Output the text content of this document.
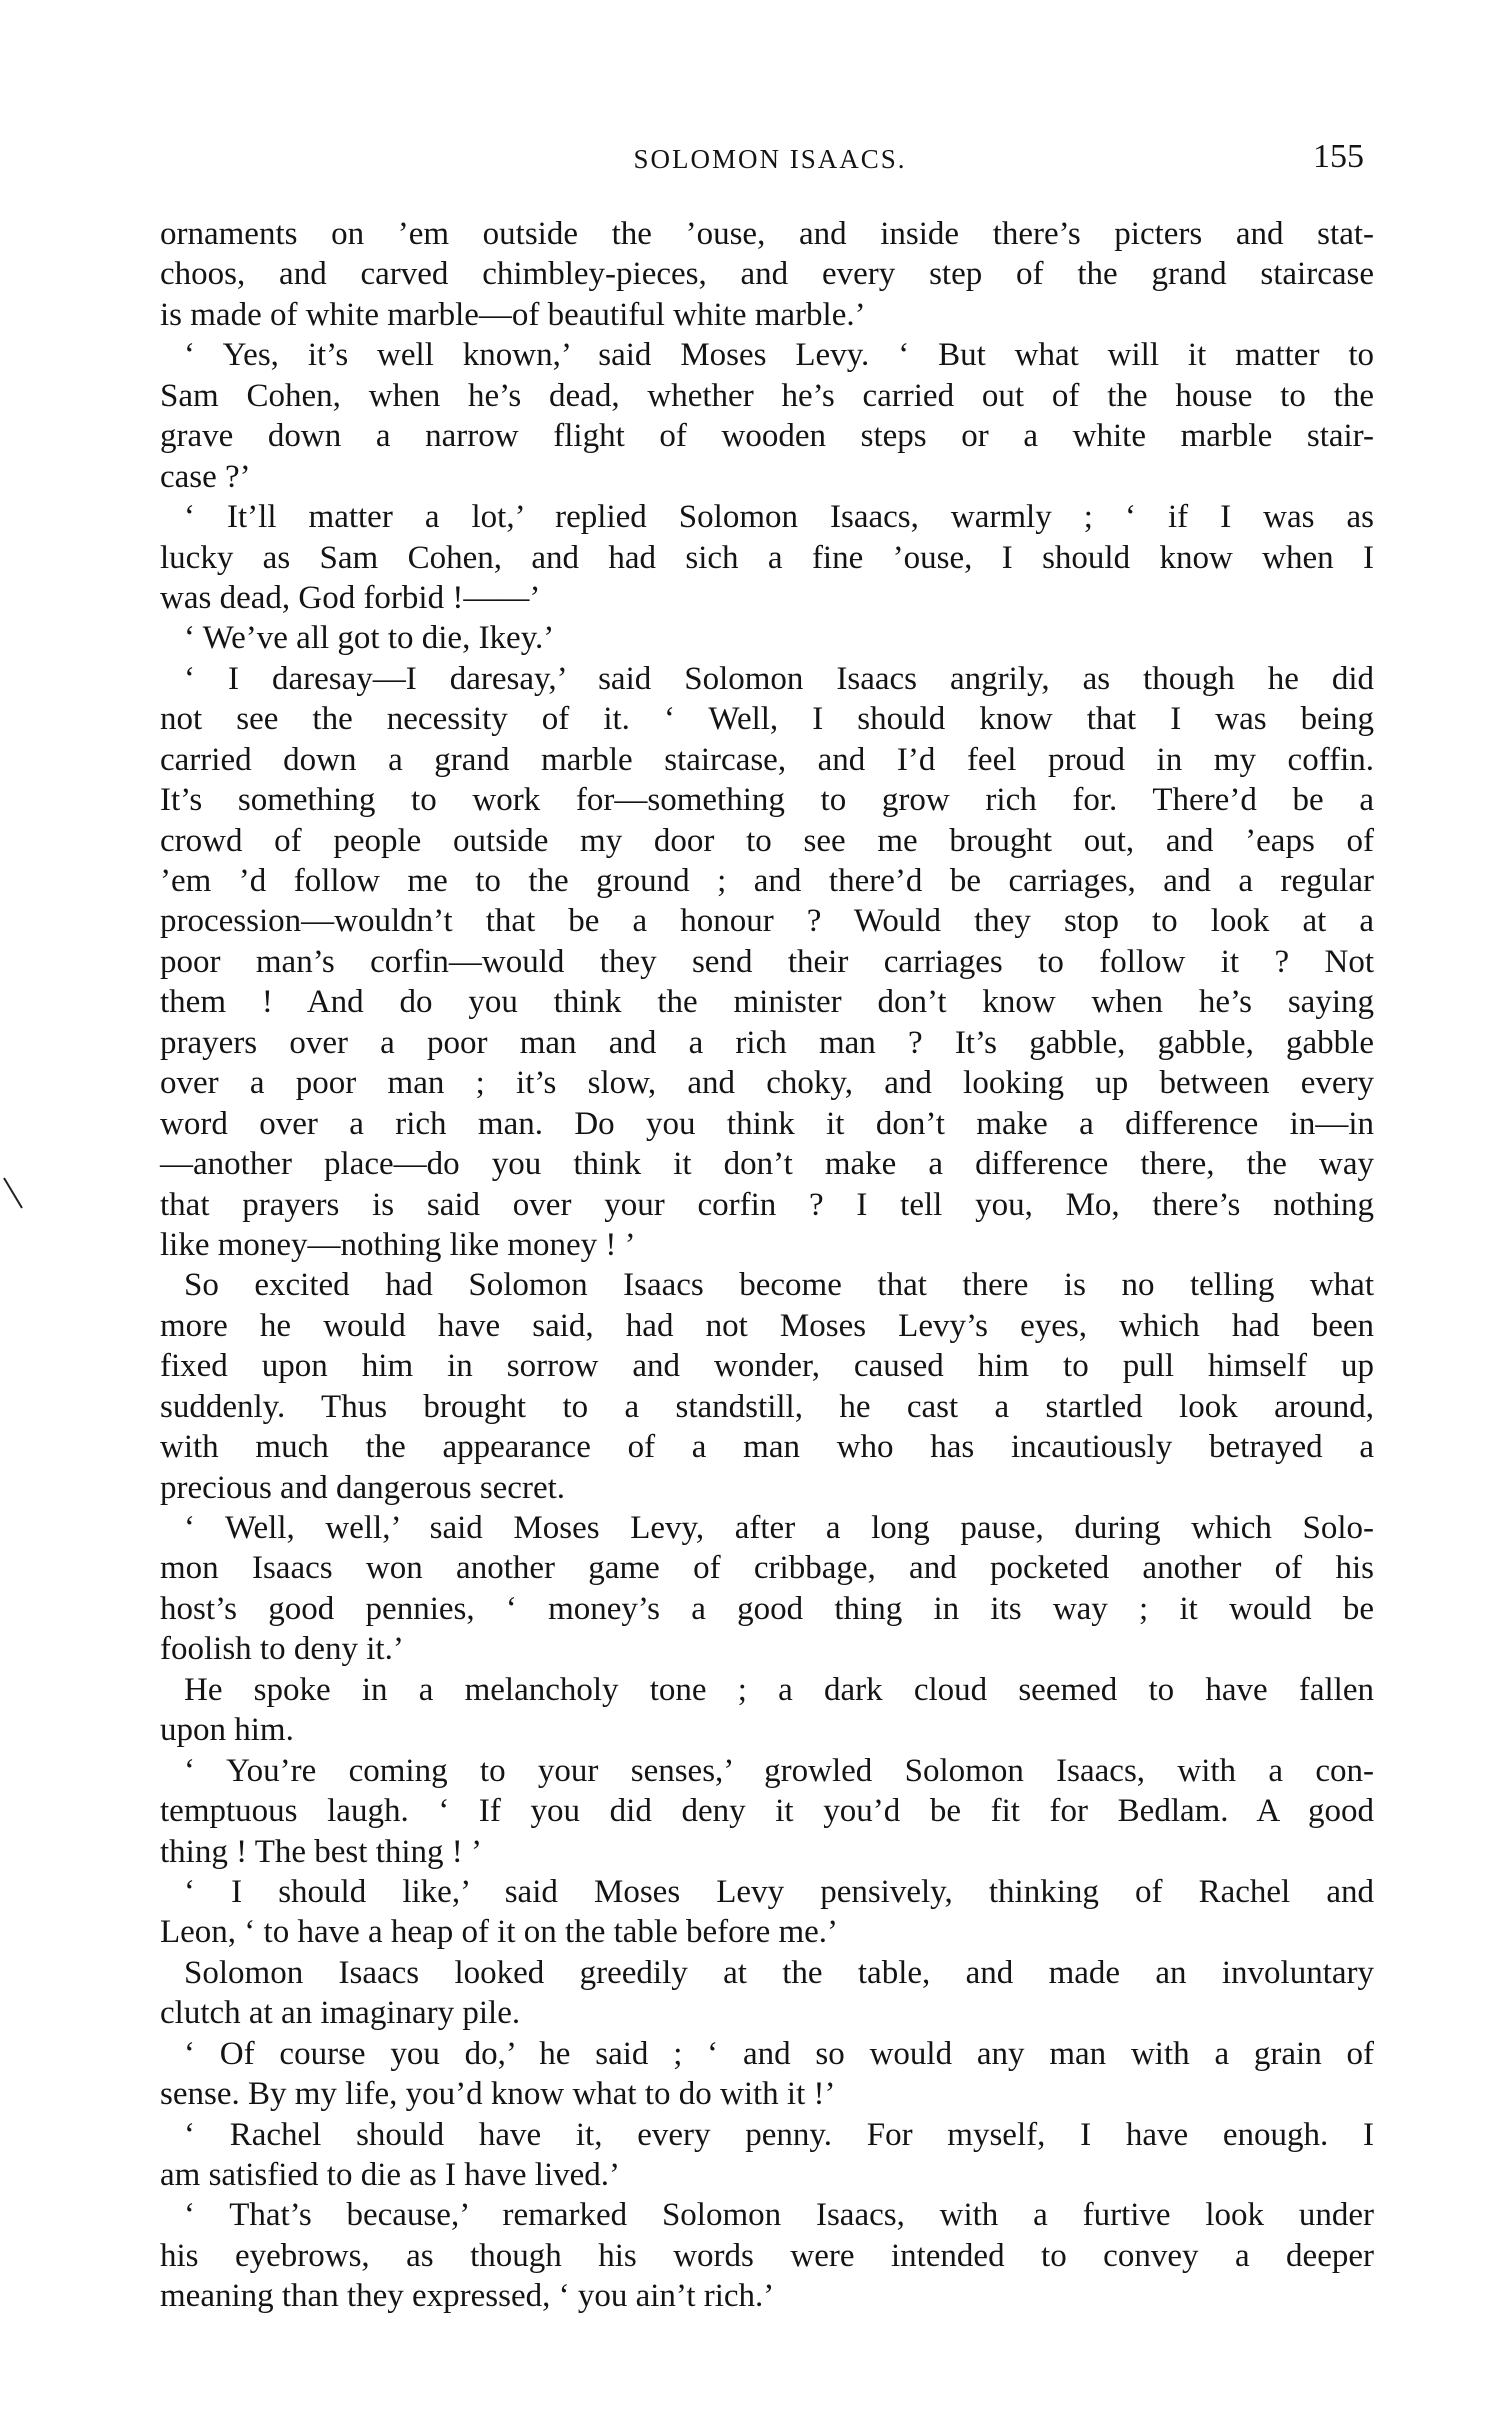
SOLOMON ISAACS.	155
ornaments on ’em outside the ’ouse, and inside there’s picters and stat-
choos, and carved chimbley-pieces, and every step of the grand staircase
is made of white marble—of beautiful white marble.’
‘ Yes, it’s well known,’ said Moses Levy. ‘ But what will it matter to
Sam Cohen, when he’s dead, whether he’s carried out of the house to the
grave down a narrow flight of wooden steps or a white marble stair-
case ?’
‘ It’ll matter a lot,’ replied Solomon Isaacs, warmly ; ‘ if I was as
lucky as Sam Cohen, and had sich a fine ’ouse, I should know when I
was dead, God forbid !——’
‘ We’ve all got to die, Ikey.’
‘ I daresay—I daresay,’ said Solomon Isaacs angrily, as though he did
not see the necessity of it. ‘ Well, I should know that I was being
carried down a grand marble staircase, and I’d feel proud in my coffin.
It’s something to work for—something to grow rich for. There’d be a
crowd of people outside my door to see me brought out, and ’eaps of
’em ’d follow me to the ground ; and there’d be carriages, and a regular
procession—wouldn’t that be a honour ? Would they stop to look at a
poor man’s corfin—would they send their carriages to follow it ? Not
them ! And do you think the minister don’t know when he’s saying
prayers over a poor man and a rich man ? It’s gabble, gabble, gabble
over a poor man ; it’s slow, and choky, and looking up between every
word over a rich man. Do you think it don’t make a difference in—in
—another place—do you think it don’t make a difference there, the way
that prayers is said over your corfin ? I tell you, Mo, there’s nothing
like money—nothing like money ! ’
So excited had Solomon Isaacs become that there is no telling what
more he would have said, had not Moses Levy’s eyes, which had been
fixed upon him in sorrow and wonder, caused him to pull himself up
suddenly. Thus brought to a standstill, he cast a startled look around,
with much the appearance of a man who has incautiously betrayed a
precious and dangerous secret.
‘ Well, well,’ said Moses Levy, after a long pause, during which Solo-
mon Isaacs won another game of cribbage, and pocketed another of his
host’s good pennies, ‘ money’s a good thing in its way ; it would be
foolish to deny it.’
He spoke in a melancholy tone ; a dark cloud seemed to have fallen
upon him.
‘ You’re coming to your senses,’ growled Solomon Isaacs, with a con-
temptuous laugh. ‘ If you did deny it you’d be fit for Bedlam. A good
thing ! The best thing ! ’
‘ I should like,’ said Moses Levy pensively, thinking of Rachel and
Leon, ‘ to have a heap of it on the table before me.’
Solomon Isaacs looked greedily at the table, and made an involuntary
clutch at an imaginary pile.
‘ Of course you do,’ he said ; ‘ and so would any man with a grain of
sense. By my life, you’d know what to do with it !’
‘ Rachel should have it, every penny. For myself, I have enough. I
am satisfied to die as I have lived.’
‘ That’s because,’ remarked Solomon Isaacs, with a furtive look under
his eyebrows, as though his words were intended to convey a deeper
meaning than they expressed, ‘ you ain’t rich.’
